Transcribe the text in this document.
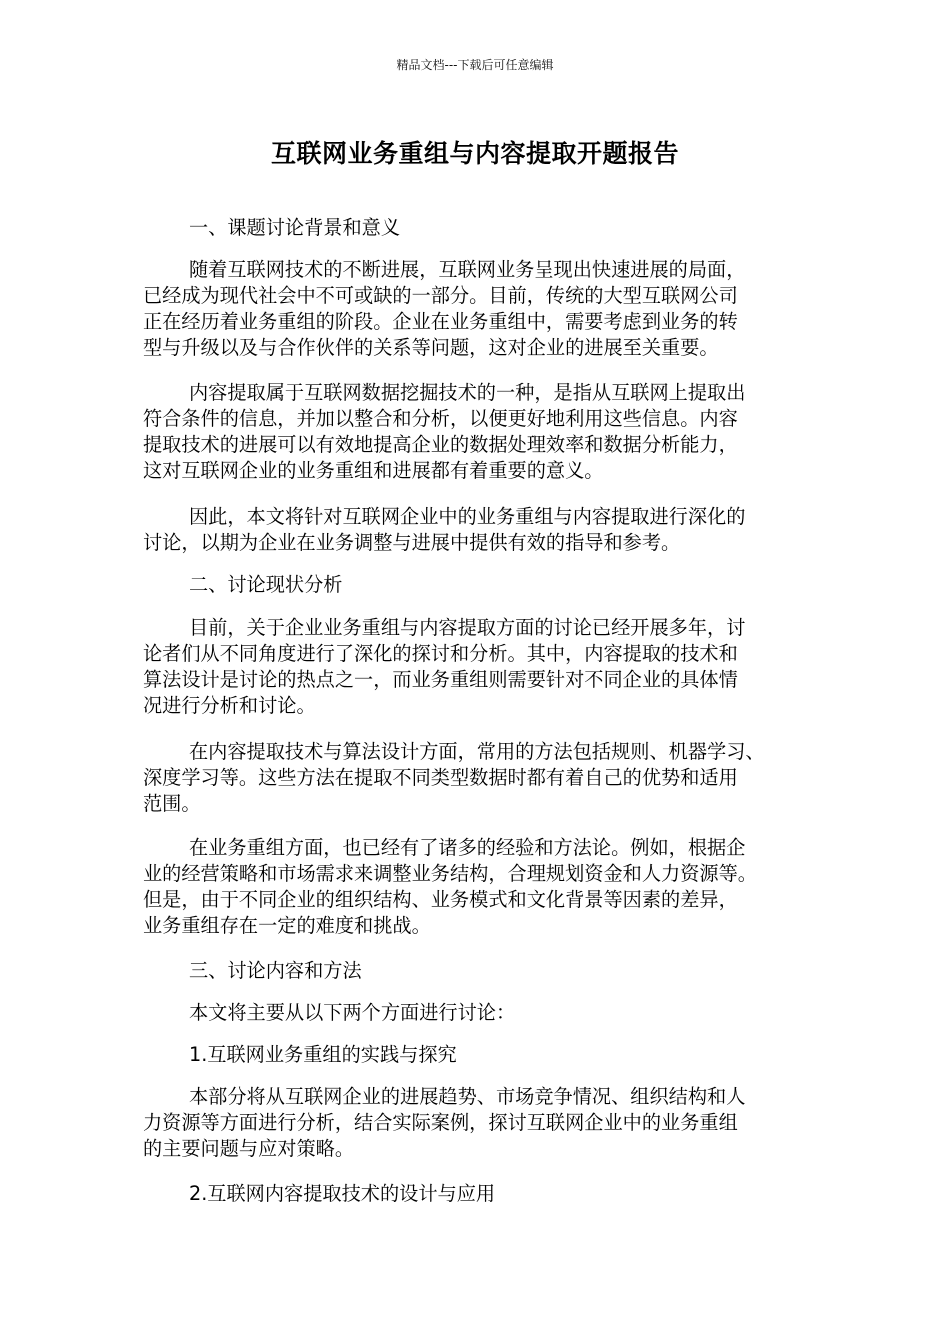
精品文档---下载后可任意编辑
互联网业务重组与内容提取开题报告
一、课题讨论背景和意义
随着互联网技术的不断进展，互联网业务呈现出快速进展的局面，
已经成为现代社会中不可或缺的一部分。目前，传统的大型互联网公司
正在经历着业务重组的阶段。企业在业务重组中，需要考虑到业务的转
型与升级以及与合作伙伴的关系等问题，这对企业的进展至关重要。
内容提取属于互联网数据挖掘技术的一种，是指从互联网上提取出
符合条件的信息，并加以整合和分析，以便更好地利用这些信息。内容
提取技术的进展可以有效地提高企业的数据处理效率和数据分析能力，
这对互联网企业的业务重组和进展都有着重要的意义。
因此，本文将针对互联网企业中的业务重组与内容提取进行深化的
讨论，以期为企业在业务调整与进展中提供有效的指导和参考。
二、讨论现状分析
目前，关于企业业务重组与内容提取方面的讨论已经开展多年，讨
论者们从不同角度进行了深化的探讨和分析。其中，内容提取的技术和
算法设计是讨论的热点之一，而业务重组则需要针对不同企业的具体情
况进行分析和讨论。
在内容提取技术与算法设计方面，常用的方法包括规则、机器学习、
深度学习等。这些方法在提取不同类型数据时都有着自己的优势和适用
范围。
在业务重组方面，也已经有了诸多的经验和方法论。例如，根据企
业的经营策略和市场需求来调整业务结构，合理规划资金和人力资源等。
但是，由于不同企业的组织结构、业务模式和文化背景等因素的差异，
业务重组存在一定的难度和挑战。
三、讨论内容和方法
本文将主要从以下两个方面进行讨论：
1.互联网业务重组的实践与探究
本部分将从互联网企业的进展趋势、市场竞争情况、组织结构和人
力资源等方面进行分析，结合实际案例，探讨互联网企业中的业务重组
的主要问题与应对策略。
2.互联网内容提取技术的设计与应用
